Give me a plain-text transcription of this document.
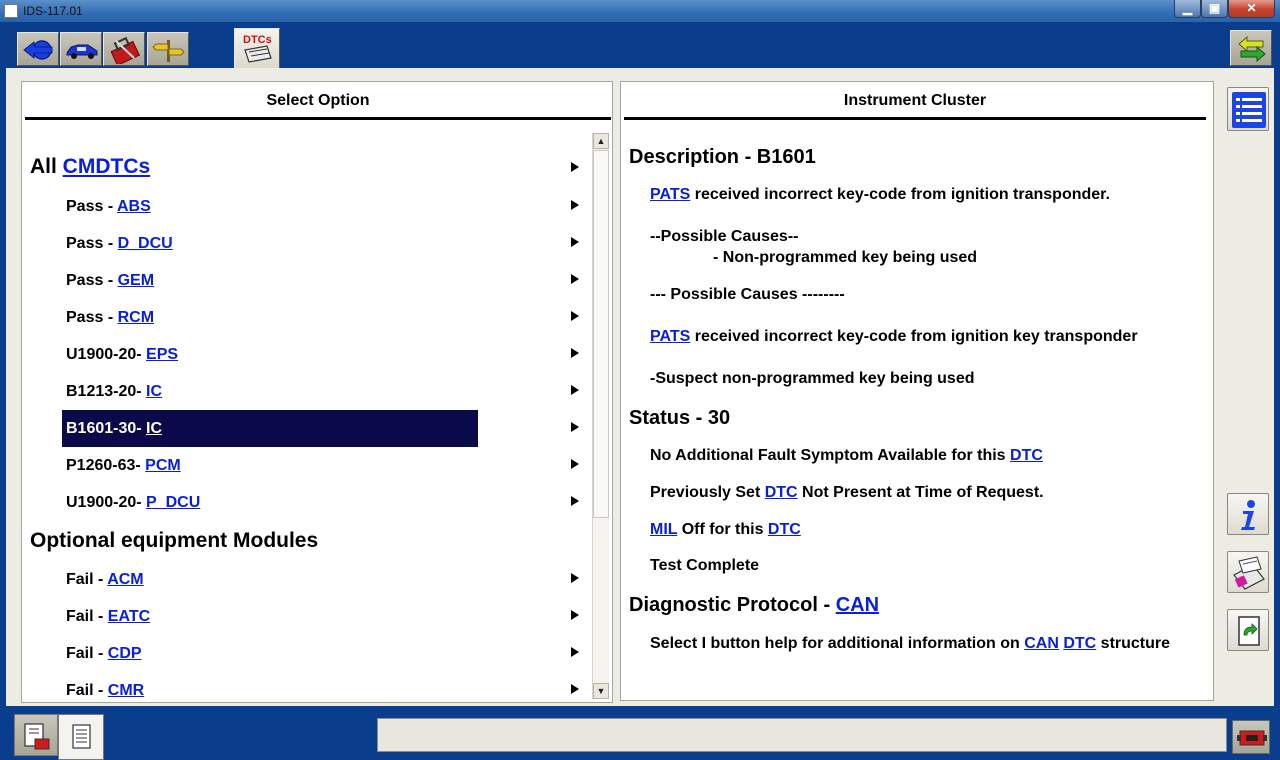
IDS-117.01	▁	▣	✕
DTCs
Select Option
All CMDTCs
Pass - ABS
Pass - D_DCU
Pass - GEM
Pass - RCM
U1900-20- EPS
B1213-20- IC
B1601-30- IC
P1260-63- PCM
U1900-20- P_DCU
Optional equipment Modules
Fail - ACM
Fail - EATC
Fail - CDP
Fail - CMR
▲
▼
Instrument Cluster
Description - B1601
PATS received incorrect key-code from ignition transponder.
--Possible Causes--
- Non-programmed key being used
--- Possible Causes --------
PATS received incorrect key-code from ignition key transponder
-Suspect non-programmed key being used
Status - 30
No Additional Fault Symptom Available for this DTC
Previously Set DTC Not Present at Time of Request.
MIL Off for this DTC
Test Complete
Diagnostic Protocol - CAN
Select I button help for additional information on CAN DTC structure
